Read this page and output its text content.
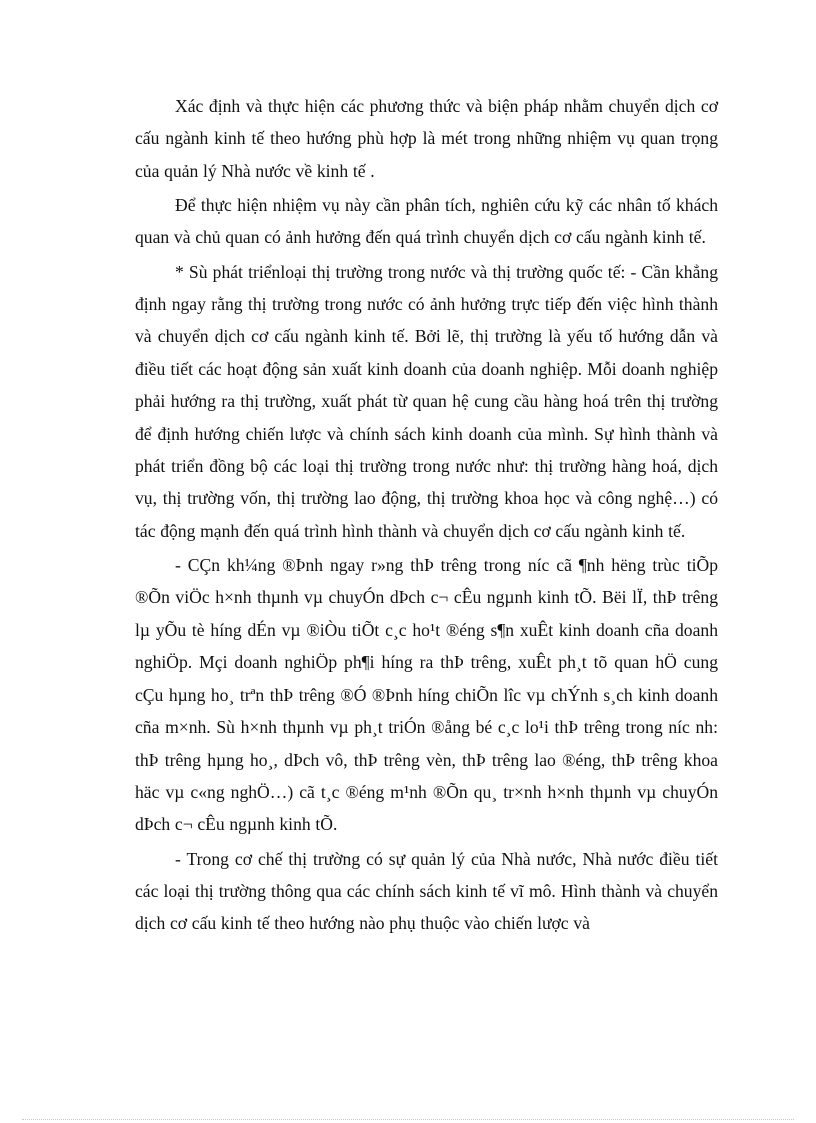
Xác định và thực hiện các phương thức và biện pháp nhằm chuyển dịch cơ cấu ngành kinh tế theo hướng phù hợp là mét trong những nhiệm vụ quan trọng của quản lý Nhà nước về kinh tế .

Để thực hiện nhiệm vụ này cần phân tích, nghiên cứu kỹ các nhân tố khách quan và chủ quan có ảnh hưởng đến quá trình chuyển dịch cơ cấu ngành kinh tế.

* Sù phát triểnloại thị trường trong nước và thị trường quốc tế: - Cần khẳng định ngay rằng thị trường trong nước có ảnh hưởng trực tiếp đến việc hình thành và chuyển dịch cơ cấu ngành kinh tế. Bởi lẽ, thị trường là yếu tố hướng dẫn và điều tiết các hoạt động sản xuất kinh doanh của doanh nghiệp. Mỗi doanh nghiệp phải hướng ra thị trường, xuất phát từ quan hệ cung cầu hàng hoá trên thị trường để định hướng chiến lược và chính sách kinh doanh của mình. Sự hình thành và phát triển đồng bộ các loại thị trường trong nước như: thị trường hàng hoá, dịch vụ, thị trường vốn, thị trường lao động, thị trường khoa học và công nghệ…) có tác động mạnh đến quá trình hình thành và chuyển dịch cơ cấu ngành kinh tế.

- CÇn kh¼ng ®Þnh ngay r»ng thÞ trêng trong níc cã ¶nh hëng trùc tiÕp ®Õn viÖc h×nh thµnh vµ chuyÓn dÞch c¬ cÊu ngµnh kinh tÕ. Bëi lÏ, thÞ trêng lµ yÕu tè híng dÉn vµ ®iÒu tiÕt c¸c ho¹t ®éng s¶n xuÊt kinh doanh cña doanh nghiÖp. Mçi doanh nghiÖp ph¶i híng ra thÞ trêng, xuÊt ph¸t tõ quan hÖ cung cÇu hµng ho¸ trªn thÞ trêng ®Ó ®Þnh híng chiÕn lîc vµ chÝnh s¸ch kinh doanh cña m×nh. Sù h×nh thµnh vµ ph¸t triÓn ®ång bé c¸c lo¹i thÞ trêng trong níc nh: thÞ trêng hµng ho¸, dÞch vô, thÞ trêng vèn, thÞ trêng lao ®éng, thÞ trêng khoa häc vµ c«ng nghÖ…) cã t¸c ®éng m¹nh ®Õn qu¸ tr×nh h×nh thµnh vµ chuyÓn dÞch c¬ cÊu ngµnh kinh tÕ.

- Trong cơ chế thị trường có sự quản lý của Nhà nước, Nhà nước điều tiết các loại thị trường thông qua các chính sách kinh tế vĩ mô. Hình thành và chuyển dịch cơ cấu kinh tế theo hướng nào phụ thuộc vào chiến lược và
